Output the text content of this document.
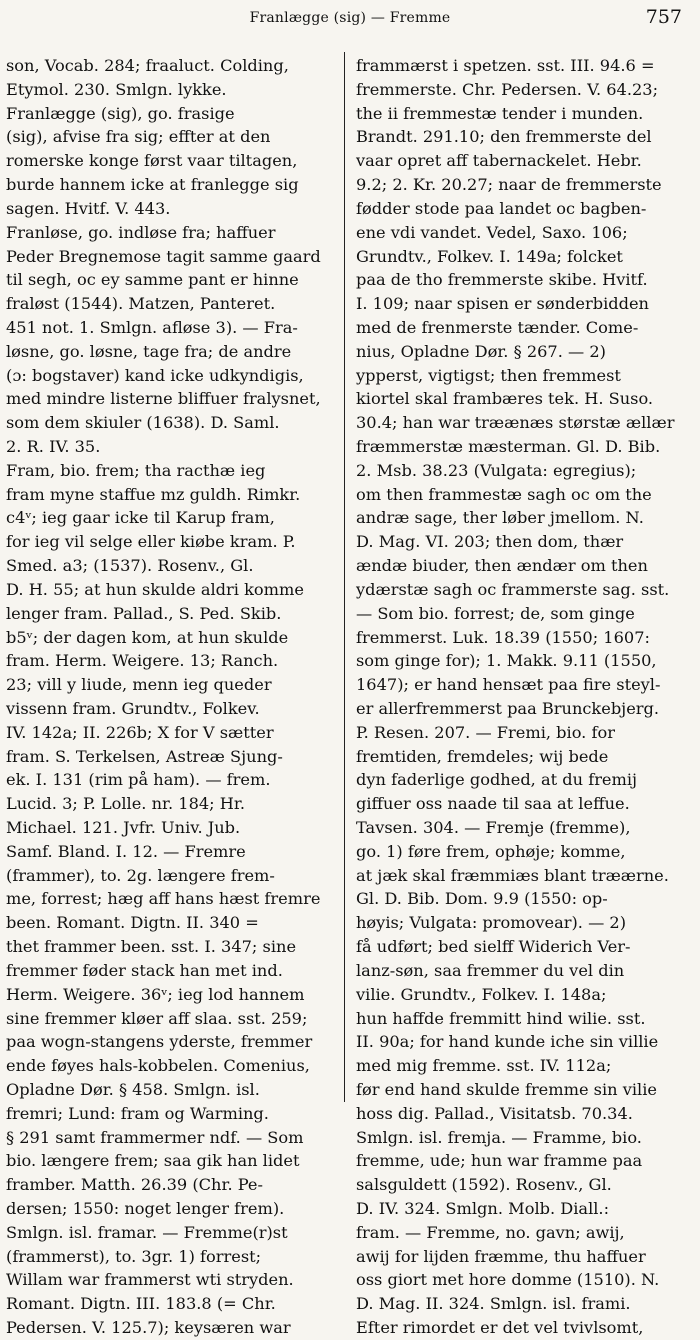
Franlægge (sig) — Fremme	757
son, Vocab. 284; fraaluct. Colding,
Etymol. 230. Smlgn. lykke.
Franlægge (sig), go. frasige
(sig), afvise fra sig; effter at den
romerske konge først vaar tiltagen,
burde hannem icke at franlegge sig
sagen. Hvitf. V. 443.
Franløse, go. indløse fra; haffuer
Peder Bregnemose tagit samme gaard
til segh, oc ey samme pant er hinne
fraløst (1544). Matzen, Panteret.
451 not. 1. Smlgn. afløse 3). — Fra-
løsne, go. løsne, tage fra; de andre
(ɔ: bogstaver) kand icke udkyndigis,
med mindre listerne bliffuer fralysnet,
som dem skiuler (1638). D. Saml.
2. R. IV. 35.
Fram, bio. frem; tha racthæ ieg
fram myne staffue mz guldh. Rimkr.
c4ᵛ; ieg gaar icke til Karup fram,
for ieg vil selge eller kiøbe kram. P.
Smed. a3; (1537). Rosenv., Gl.
D. H. 55; at hun skulde aldri komme
lenger fram. Pallad., S. Ped. Skib.
b5ᵛ; der dagen kom, at hun skulde
fram. Herm. Weigere. 13; Ranch.
23; vill y liude, menn ieg queder
vissenn fram. Grundtv., Folkev.
IV. 142a; II. 226b; X for V sætter
fram. S. Terkelsen, Astreæ Sjung-
ek. I. 131 (rim på ham). — frem.
Lucid. 3; P. Lolle. nr. 184; Hr.
Michael. 121. Jvfr. Univ. Jub.
Samf. Bland. I. 12. — Fremre
(frammer), to. 2g. længere frem-
me, forrest; hæg aff hans hæst fremre
been. Romant. Digtn. II. 340 =
thet frammer been. sst. I. 347; sine
fremmer føder stack han met ind.
Herm. Weigere. 36ᵛ; ieg lod hannem
sine fremmer kløer aff slaa. sst. 259;
paa wogn-stangens yderste, fremmer
ende føyes hals-kobbelen. Comenius,
Opladne Dør. § 458. Smlgn. isl.
fremri; Lund: fram og Warming.
§ 291 samt frammermer ndf. — Som
bio. længere frem; saa gik han lidet
framber. Matth. 26.39 (Chr. Pe-
dersen; 1550: noget lenger frem).
Smlgn. isl. framar. — Fremme(r)st
(frammerst), to. 3gr. 1) forrest;
Willam war frammerst wti stryden.
Romant. Digtn. III. 183.8 (= Chr.
Pedersen. V. 125.7); keysæren war
frammærst i spetzen. sst. III. 94.6 =
fremmerste. Chr. Pedersen. V. 64.23;
the ii fremmestæ tender i munden.
Brandt. 291.10; den fremmerste del
vaar opret aff tabernackelet. Hebr.
9.2; 2. Kr. 20.27; naar de fremmerste
fødder stode paa landet oc bagben-
ene vdi vandet. Vedel, Saxo. 106;
Grundtv., Folkev. I. 149a; folcket
paa de tho fremmerste skibe. Hvitf.
I. 109; naar spisen er sønderbidden
med de frenmerste tænder. Come-
nius, Opladne Dør. § 267. — 2)
ypperst, vigtigst; then fremmest
kiortel skal frambæres tek. H. Suso.
30.4; han war træænæs størstæ ællær
fræmmerstæ mæsterman. Gl. D. Bib.
2. Msb. 38.23 (Vulgata: egregius);
om then frammestæ sagh oc om the
andræ sage, ther løber jmellom. N.
D. Mag. VI. 203; then dom, thær
ændæ biuder, then ændær om then
ydærstæ sagh oc frammerste sag. sst.
— Som bio. forrest; de, som ginge
fremmerst. Luk. 18.39 (1550; 1607:
som ginge for); 1. Makk. 9.11 (1550,
1647); er hand hensæt paa fire steyl-
er allerfremmerst paa Brunckebjerg.
P. Resen. 207. — Fremi, bio. for
fremtiden, fremdeles; wij bede
dyn faderlige godhed, at du fremij
giffuer oss naade til saa at leffue.
Tavsen. 304. — Fremje (fremme),
go. 1) føre frem, ophøje; komme,
at jæk skal fræmmiæs blant træærne.
Gl. D. Bib. Dom. 9.9 (1550: op-
høyis; Vulgata: promovear). — 2)
få udført; bed sielff Widerich Ver-
lanz-søn, saa fremmer du vel din
vilie. Grundtv., Folkev. I. 148a;
hun haffde fremmitt hind wilie. sst.
II. 90a; for hand kunde iche sin villie
med mig fremme. sst. IV. 112a;
før end hand skulde fremme sin vilie
hoss dig. Pallad., Visitatsb. 70.34.
Smlgn. isl. fremja. — Framme, bio.
fremme, ude; hun war framme paa
salsguldett (1592). Rosenv., Gl.
D. IV. 324. Smlgn. Molb. Diall.:
fram. — Fremme, no. gavn; awij,
awij for lijden fræmme, thu haffuer
oss giort met hore domme (1510). N.
D. Mag. II. 324. Smlgn. isl. frami.
Efter rimordet er det vel tvivlsomt,
